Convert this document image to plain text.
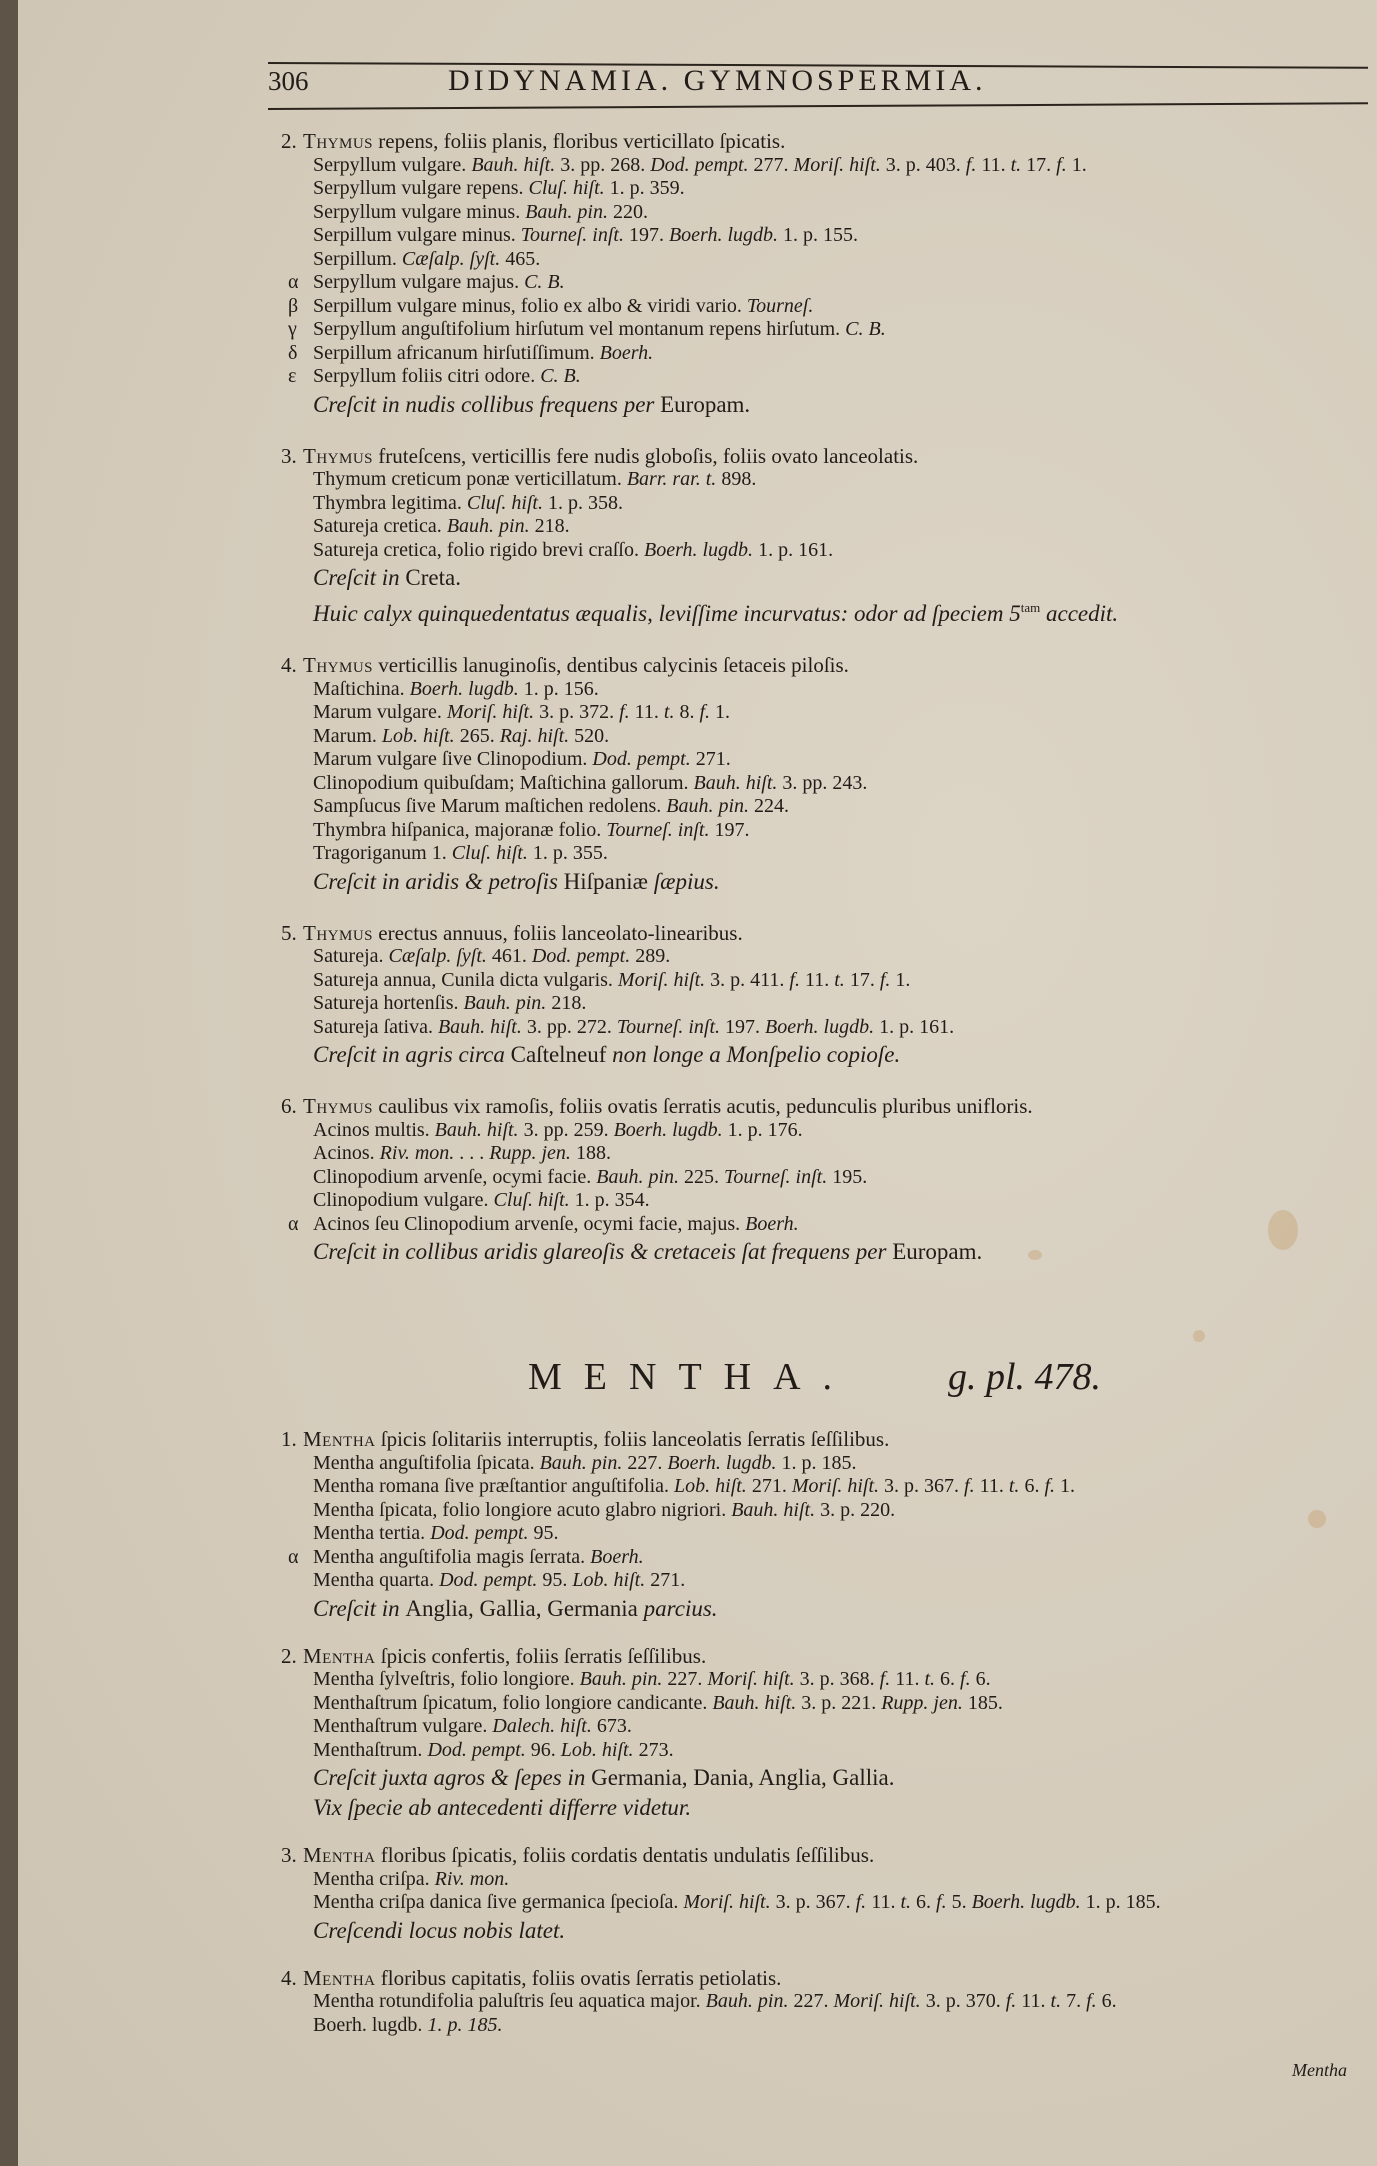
306	DIDYNAMIA. GYMNOSPERMIA.
2. Thymus repens, foliis planis, floribus verticillato ſpicatis.
Serpyllum vulgare. Bauh. hiſt. 3. pp. 268. Dod. pempt. 277. Moriſ. hiſt. 3. p. 403. f. 11. t. 17. f. 1.
Serpyllum vulgare repens. Cluſ. hiſt. 1. p. 359.
Serpyllum vulgare minus. Bauh. pin. 220.
Serpillum vulgare minus. Tourneſ. inſt. 197. Boerh. lugdb. 1. p. 155.
Serpillum. Cæſalp. ſyſt. 465.
α Serpyllum vulgare majus. C. B.
β Serpillum vulgare minus, folio ex albo & viridi vario. Tourneſ.
γ Serpyllum anguſtifolium hirſutum vel montanum repens hirſutum. C. B.
δ Serpillum africanum hirſutiſſimum. Boerh.
ε Serpyllum foliis citri odore. C. B.
Creſcit in nudis collibus frequens per Europam.
3. Thymus fruteſcens, verticillis fere nudis globoſis, foliis ovato lanceolatis.
Thymum creticum ponæ verticillatum. Barr. rar. t. 898.
Thymbra legitima. Cluſ. hiſt. 1. p. 358.
Satureja cretica. Bauh. pin. 218.
Satureja cretica, folio rigido brevi craſſo. Boerh. lugdb. 1. p. 161.
Creſcit in Creta.
Huic calyx quinquedentatus æqualis, leviſſime incurvatus: odor ad ſpeciem $5^{tam}$ accedit.
4. Thymus verticillis lanuginoſis, dentibus calycinis ſetaceis piloſis.
Maſtichina. Boerh. lugdb. 1. p. 156.
Marum vulgare. Moriſ. hiſt. 3. p. 372. f. 11. t. 8. f. 1.
Marum. Lob. hiſt. 265. Raj. hiſt. 520.
Marum vulgare ſive Clinopodium. Dod. pempt. 271.
Clinopodium quibuſdam; Maſtichina gallorum. Bauh. hiſt. 3. pp. 243.
Sampſucus ſive Marum maſtichen redolens. Bauh. pin. 224.
Thymbra hiſpanica, majoranæ folio. Tourneſ. inſt. 197.
Tragoriganum 1. Cluſ. hiſt. 1. p. 355.
Creſcit in aridis & petroſis Hiſpaniæ ſæpius.
5. Thymus erectus annuus, foliis lanceolato-linearibus.
Satureja. Cæſalp. ſyſt. 461. Dod. pempt. 289.
Satureja annua, Cunila dicta vulgaris. Moriſ. hiſt. 3. p. 411. f. 11. t. 17. f. 1.
Satureja hortenſis. Bauh. pin. 218.
Satureja ſativa. Bauh. hiſt. 3. pp. 272. Tourneſ. inſt. 197. Boerh. lugdb. 1. p. 161.
Creſcit in agris circa Caſtelneuf non longe a Monſpelio copioſe.
6. Thymus caulibus vix ramoſis, foliis ovatis ſerratis acutis, pedunculis pluribus unifloris.
Acinos multis. Bauh. hiſt. 3. pp. 259. Boerh. lugdb. 1. p. 176.
Acinos. Riv. mon. . . . Rupp. jen. 188.
Clinopodium arvenſe, ocymi facie. Bauh. pin. 225. Tourneſ. inſt. 195.
Clinopodium vulgare. Cluſ. hiſt. 1. p. 354.
α Acinos ſeu Clinopodium arvenſe, ocymi facie, majus. Boerh.
Creſcit in collibus aridis glareoſis & cretaceis ſat frequens per Europam.
MENTHA. g. pl. 478.
1. Mentha ſpicis ſolitariis interruptis, foliis lanceolatis ſerratis ſeſſilibus.
Mentha anguſtifolia ſpicata. Bauh. pin. 227. Boerh. lugdb. 1. p. 185.
Mentha romana ſive præſtantior anguſtifolia. Lob. hiſt. 271. Moriſ. hiſt. 3. p. 367. f. 11. t. 6. f. 1.
Mentha ſpicata, folio longiore acuto glabro nigriori. Bauh. hiſt. 3. p. 220.
Mentha tertia. Dod. pempt. 95.
α Mentha anguſtifolia magis ſerrata. Boerh.
Mentha quarta. Dod. pempt. 95. Lob. hiſt. 271.
Creſcit in Anglia, Gallia, Germania parcius.
2. Mentha ſpicis confertis, foliis ſerratis ſeſſilibus.
Mentha ſylveſtris, folio longiore. Bauh. pin. 227. Moriſ. hiſt. 3. p. 368. f. 11. t. 6. f. 6.
Menthaſtrum ſpicatum, folio longiore candicante. Bauh. hiſt. 3. p. 221. Rupp. jen. 185.
Menthaſtrum vulgare. Dalech. hiſt. 673.
Menthaſtrum. Dod. pempt. 96. Lob. hiſt. 273.
Creſcit juxta agros & ſepes in Germania, Dania, Anglia, Gallia.
Vix ſpecie ab antecedenti differre videtur.
3. Mentha floribus ſpicatis, foliis cordatis dentatis undulatis ſeſſilibus.
Mentha criſpa. Riv. mon.
Mentha criſpa danica ſive germanica ſpecioſa. Moriſ. hiſt. 3. p. 367. f. 11. t. 6. f. 5. Boerh. lugdb. 1. p. 185.
Creſcendi locus nobis latet.
4. Mentha floribus capitatis, foliis ovatis ſerratis petiolatis.
Mentha rotundifolia paluſtris ſeu aquatica major. Bauh. pin. 227. Moriſ. hiſt. 3. p. 370. f. 11. t. 7. f. 6.
Boerh. lugdb. 1. p. 185.
Mentha
